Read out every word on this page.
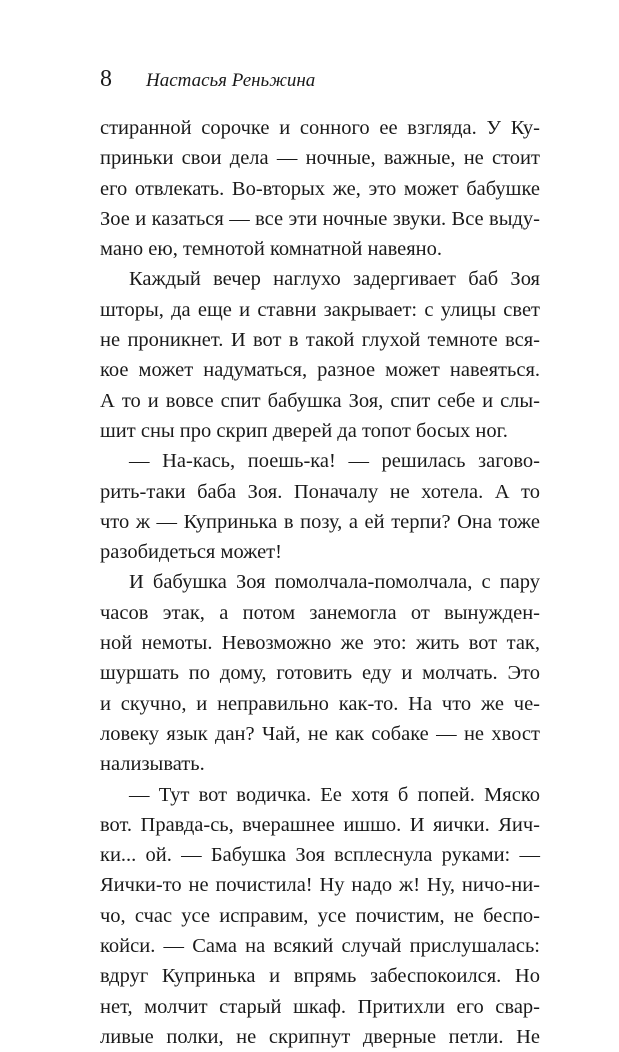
8	Настасья Реньжина
стиранной сорочке и сонного ее взгляда. У Ку-
приньки свои дела — ночные, важные, не стоит
его отвлекать. Во-вторых же, это может бабушке
Зое и казаться — все эти ночные звуки. Все выду-
мано ею, темнотой комнатной навеяно.
Каждый вечер наглухо задергивает баб Зоя
шторы, да еще и ставни закрывает: с улицы свет
не проникнет. И вот в такой глухой темноте вся-
кое может надуматься, разное может навеяться.
А то и вовсе спит бабушка Зоя, спит себе и слы-
шит сны про скрип дверей да топот босых ног.
— На-кась, поешь-ка! — решилась загово-
рить-таки баба Зоя. Поначалу не хотела. А то
что ж — Купринька в позу, а ей терпи? Она тоже
разобидеться может!
И бабушка Зоя помолчала-помолчала, с пару
часов этак, а потом занемогла от вынужден-
ной немоты. Невозможно же это: жить вот так,
шуршать по дому, готовить еду и молчать. Это
и скучно, и неправильно как-то. На что же че-
ловеку язык дан? Чай, не как собаке — не хвост
нализывать.
— Тут вот водичка. Ее хотя б попей. Мяско
вот. Правда-сь, вчерашнее ишшо. И яички. Яич-
ки... ой. — Бабушка Зоя всплеснула руками: —
Яички-то не почистила! Ну надо ж! Ну, ничо-ни-
чо, счас усе исправим, усе почистим, не беспо-
койси. — Сама на всякий случай прислушалась:
вдруг Купринька и впрямь забеспокоился. Но
нет, молчит старый шкаф. Притихли его свар-
ливые полки, не скрипнут дверные петли. Не
